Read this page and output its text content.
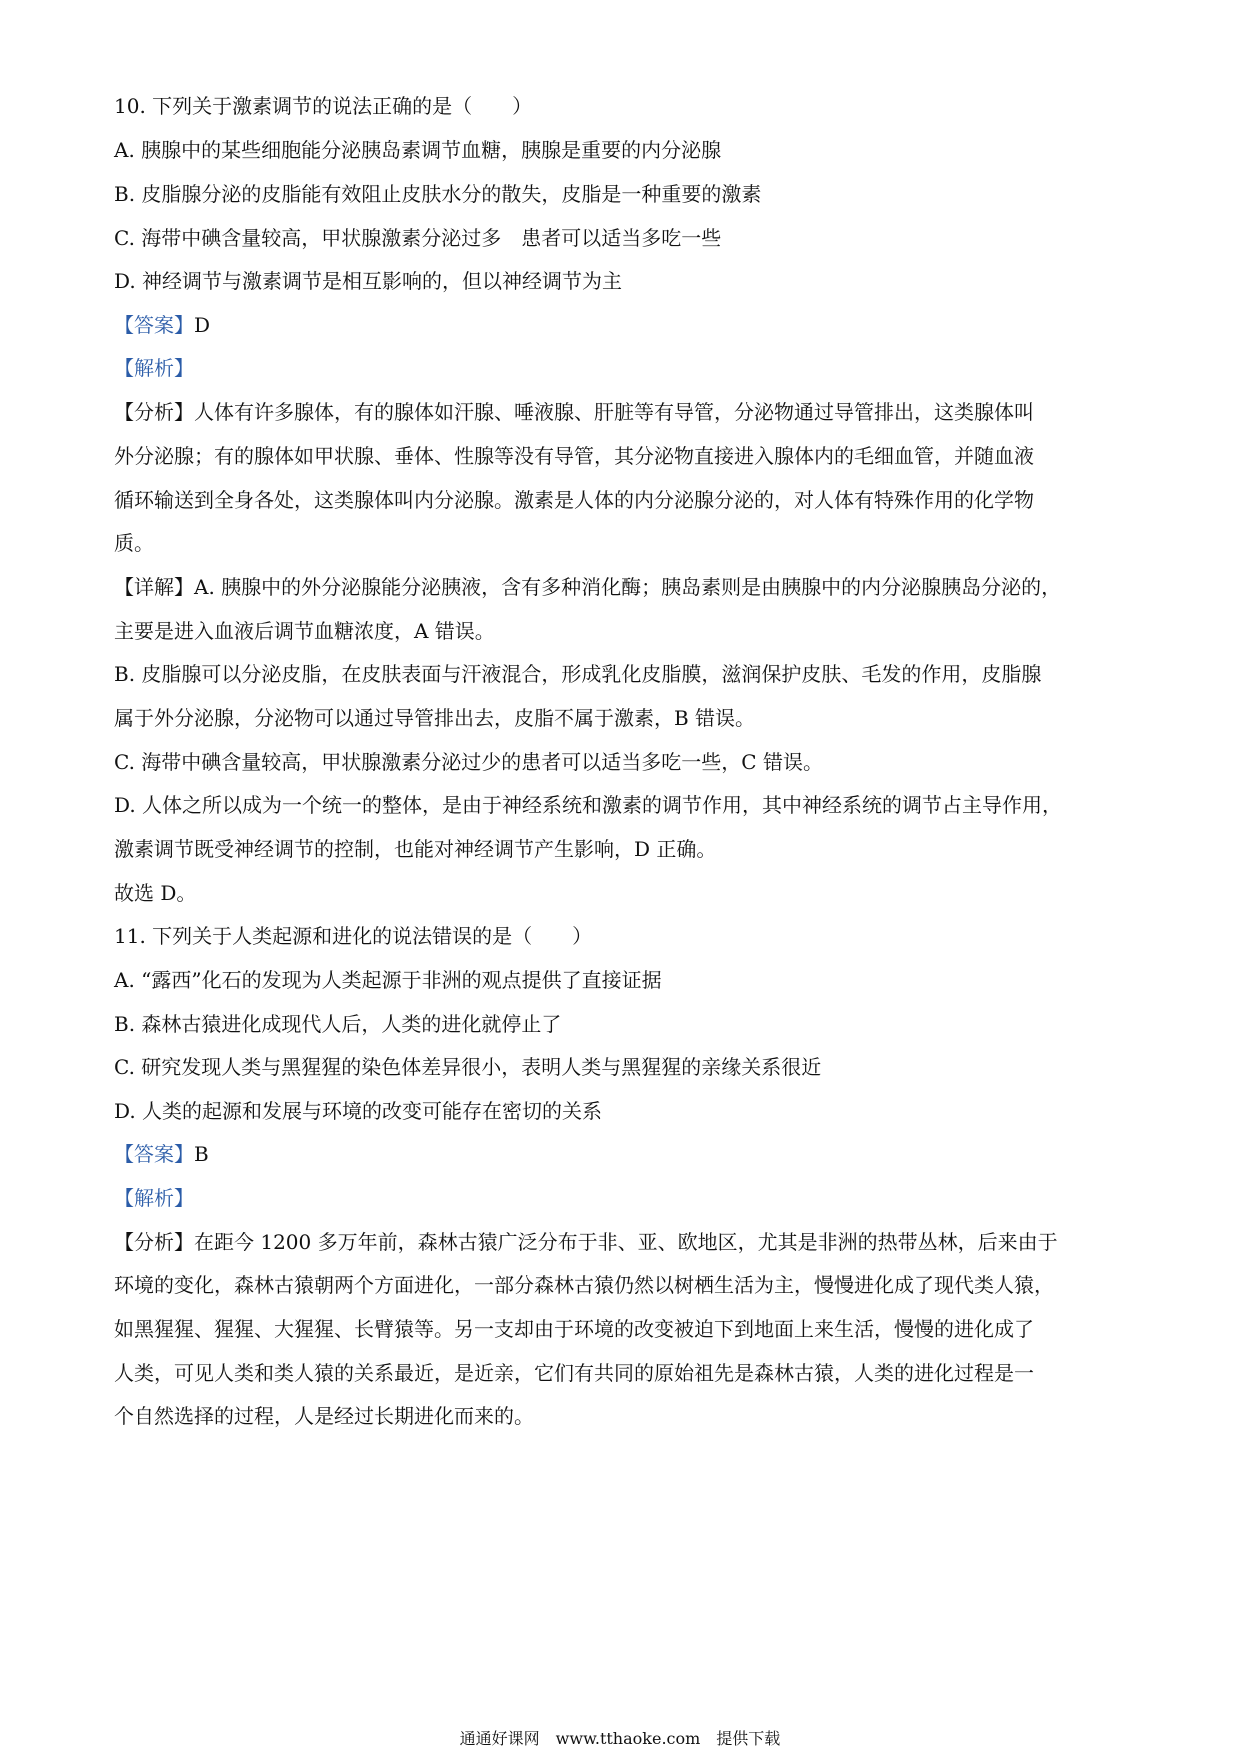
10. 下列关于激素调节的说法正确的是（　　）
A. 胰腺中的某些细胞能分泌胰岛素调节血糖，胰腺是重要的内分泌腺
B. 皮脂腺分泌的皮脂能有效阻止皮肤水分的散失，皮脂是一种重要的激素
C. 海带中碘含量较高，甲状腺激素分泌过多　患者可以适当多吃一些
D. 神经调节与激素调节是相互影响的，但以神经调节为主
【答案】D
【解析】
【分析】人体有许多腺体，有的腺体如汗腺、唾液腺、肝脏等有导管，分泌物通过导管排出，这类腺体叫
外分泌腺；有的腺体如甲状腺、垂体、性腺等没有导管，其分泌物直接进入腺体内的毛细血管，并随血液
循环输送到全身各处，这类腺体叫内分泌腺。激素是人体的内分泌腺分泌的，对人体有特殊作用的化学物
质。
【详解】A. 胰腺中的外分泌腺能分泌胰液，含有多种消化酶；胰岛素则是由胰腺中的内分泌腺胰岛分泌的，
主要是进入血液后调节血糖浓度，A 错误。
B. 皮脂腺可以分泌皮脂，在皮肤表面与汗液混合，形成乳化皮脂膜，滋润保护皮肤、毛发的作用，皮脂腺
属于外分泌腺，分泌物可以通过导管排出去，皮脂不属于激素，B 错误。
C. 海带中碘含量较高，甲状腺激素分泌过少的患者可以适当多吃一些，C 错误。
D. 人体之所以成为一个统一的整体，是由于神经系统和激素的调节作用，其中神经系统的调节占主导作用，
激素调节既受神经调节的控制，也能对神经调节产生影响，D 正确。
故选 D。
11. 下列关于人类起源和进化的说法错误的是（　　）
A. “露西”化石的发现为人类起源于非洲的观点提供了直接证据
B. 森林古猿进化成现代人后，人类的进化就停止了
C. 研究发现人类与黑猩猩的染色体差异很小，表明人类与黑猩猩的亲缘关系很近
D. 人类的起源和发展与环境的改变可能存在密切的关系
【答案】B
【解析】
【分析】在距今 1200 多万年前，森林古猿广泛分布于非、亚、欧地区，尤其是非洲的热带丛林，后来由于
环境的变化，森林古猿朝两个方面进化，一部分森林古猿仍然以树栖生活为主，慢慢进化成了现代类人猿，
如黑猩猩、猩猩、大猩猩、长臂猿等。另一支却由于环境的改变被迫下到地面上来生活，慢慢的进化成了
人类，可见人类和类人猿的关系最近，是近亲，它们有共同的原始祖先是森林古猿，人类的进化过程是一
个自然选择的过程，人是经过长期进化而来的。
通通好课网　www.tthaoke.com　提供下载
